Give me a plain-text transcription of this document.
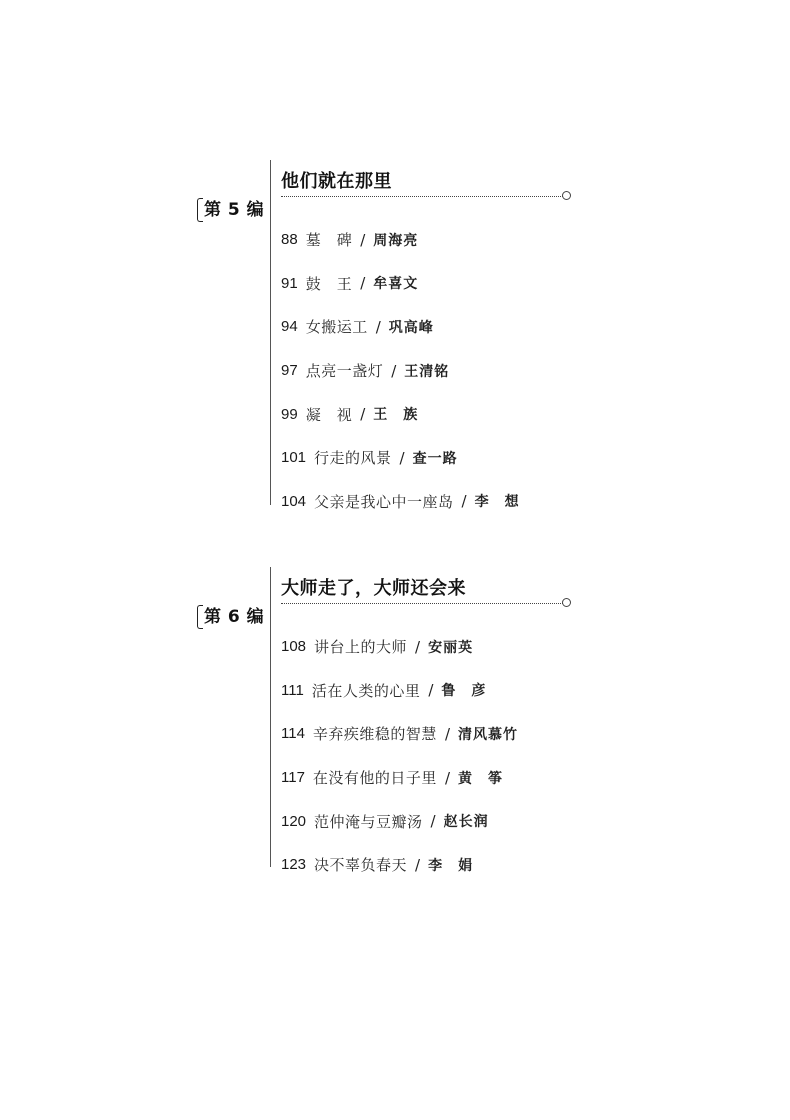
第 5 编
他们就在那里
88 墓　碑 / 周海亮
91 鼓　王 / 牟喜文
94 女搬运工 / 巩高峰
97 点亮一盏灯 / 王清铭
99 凝　视 / 王　族
101 行走的风景 / 查一路
104 父亲是我心中一座岛 / 李　想
第 6 编
大师走了，大师还会来
108 讲台上的大师 / 安丽英
111 活在人类的心里 / 鲁　彦
114 辛弃疾维稳的智慧 / 清风慕竹
117 在没有他的日子里 / 黄　筝
120 范仲淹与豆瓣汤 / 赵长润
123 决不辜负春天 / 李　娟
